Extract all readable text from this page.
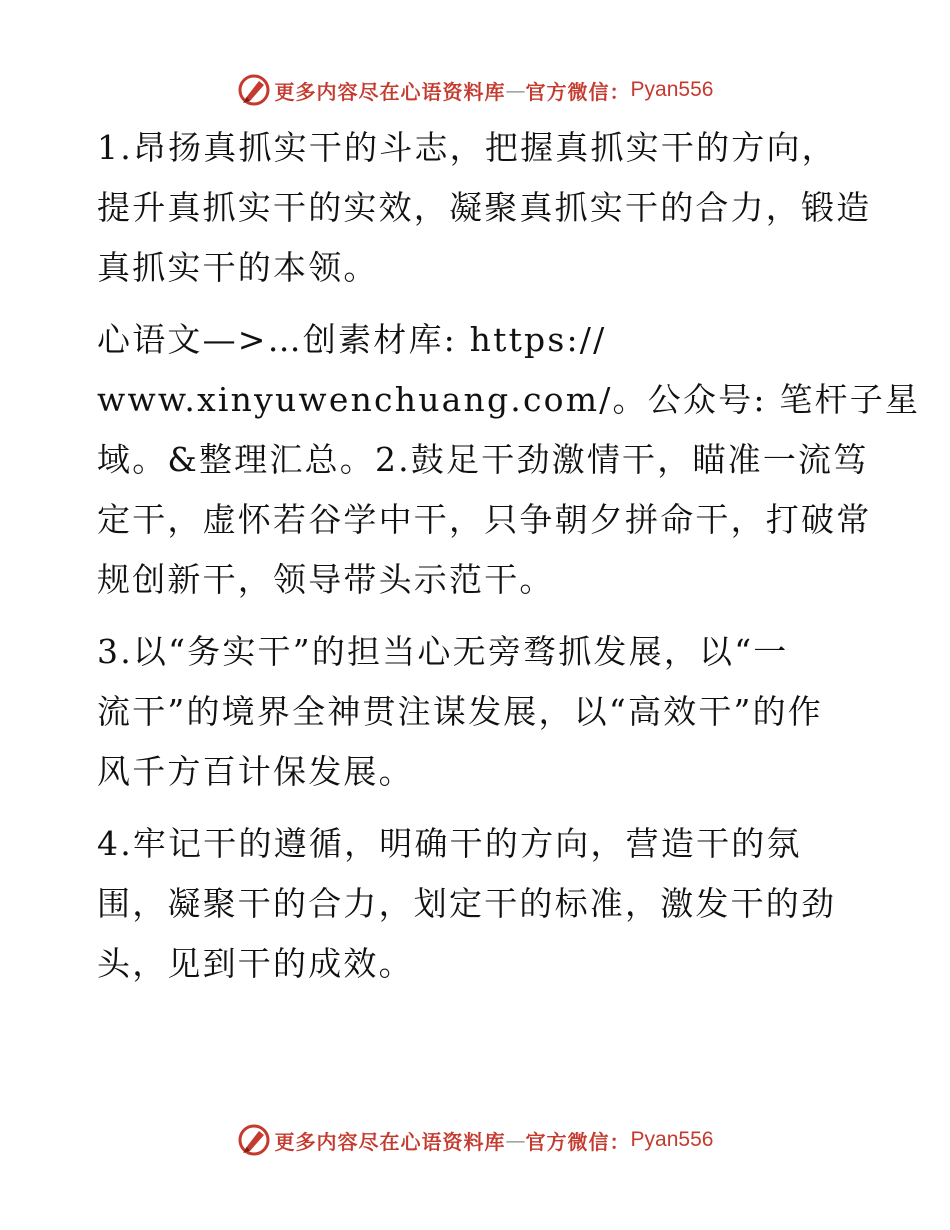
更多内容尽在心语资料库 — 官方微信： Pyan556

1.昂扬真抓实干的斗志，把握真抓实干的方向，
提升真抓实干的实效，凝聚真抓实干的合力，锻造
真抓实干的本领。

心语文—>…创素材库: https://
www.xinyuwenchuang.com/。公众号: 笔杆子星
域。&整理汇总。2.鼓足干劲激情干，瞄准一流笃
定干，虚怀若谷学中干，只争朝夕拼命干，打破常
规创新干，领导带头示范干。

3.以“务实干”的担当心无旁骛抓发展，以“一
流干”的境界全神贯注谋发展，以“高效干”的作
风千方百计保发展。

4.牢记干的遵循，明确干的方向，营造干的氛
围，凝聚干的合力，划定干的标准，激发干的劲
头，见到干的成效。

更多内容尽在心语资料库 — 官方微信： Pyan556
